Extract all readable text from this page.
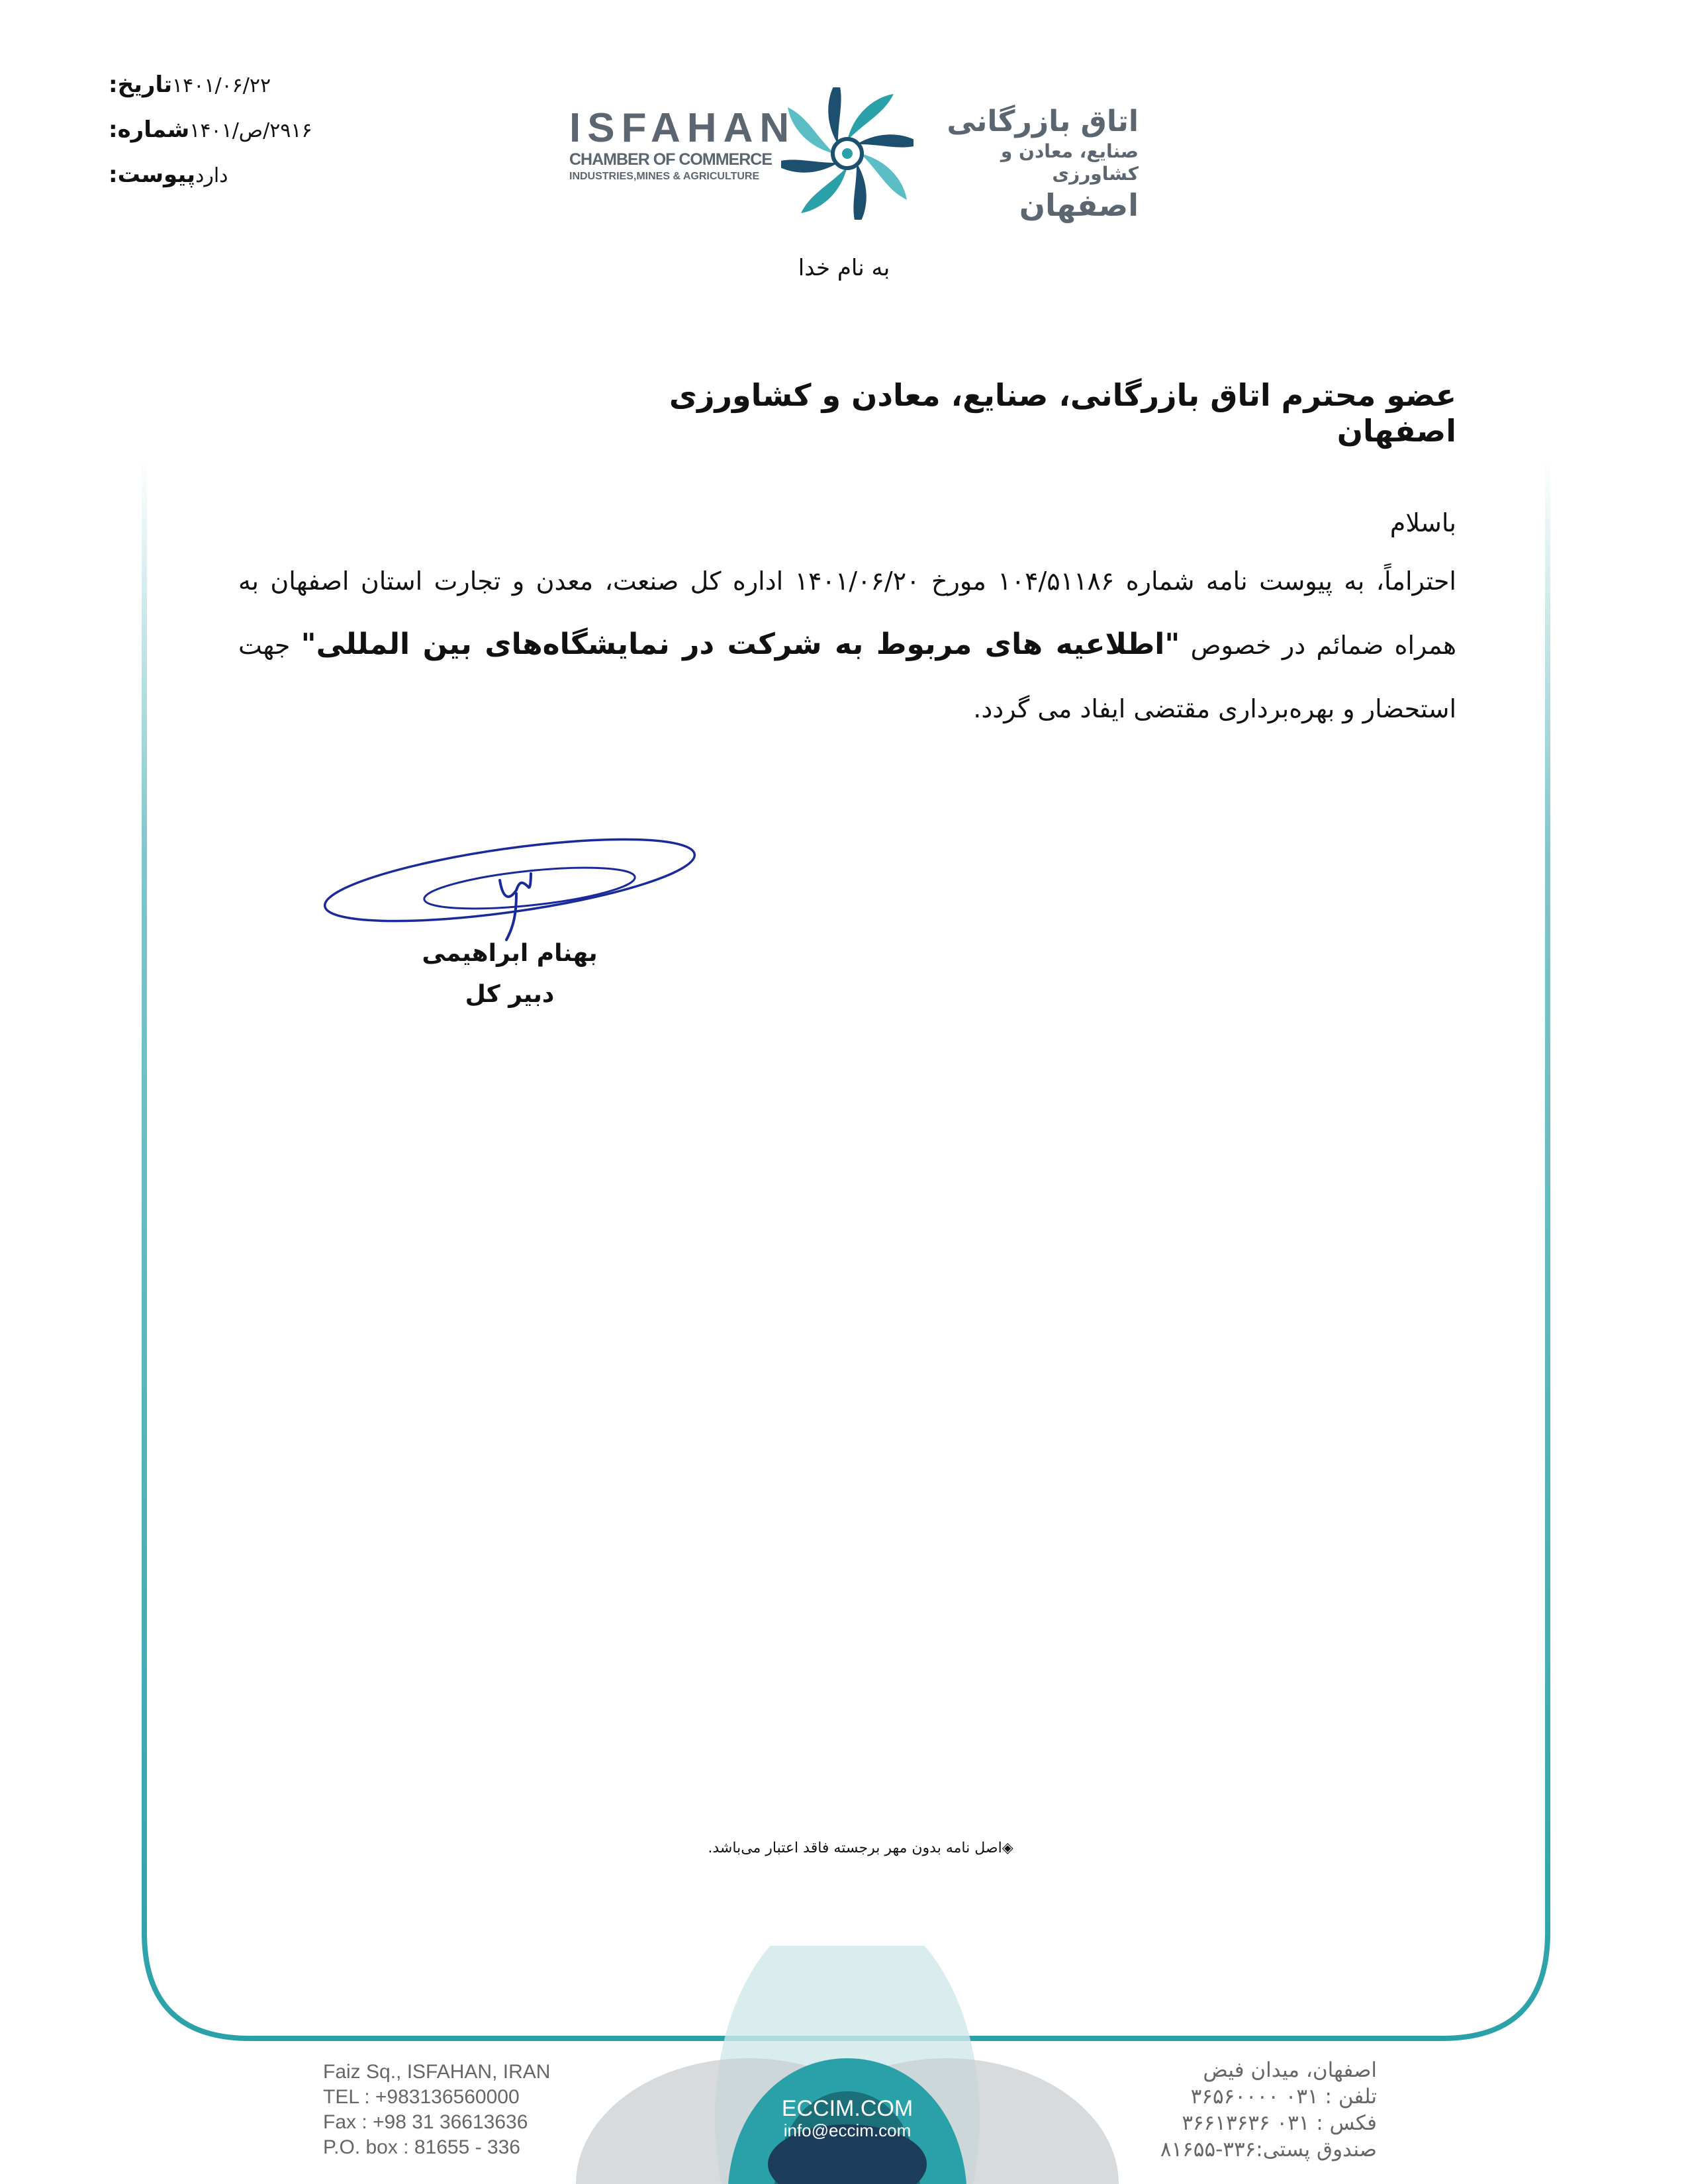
تاریخ: ۱۴۰۱/۰۶/۲۲
شماره: ۲۹۱۶/ص/۱۴۰۱
پیوست: دارد
ISFAHAN
CHAMBER OF COMMERCE
INDUSTRIES,MINES & AGRICULTURE
اتاق بازرگانی
صنایع، معادن و کشاورزی
اصفهان
به نام خدا
عضو محترم اتاق بازرگانی، صنایع، معادن و کشاورزی اصفهان
باسلام
احتراماً، به پیوست نامه شماره ۱۰۴/۵۱۱۸۶ مورخ ۱۴۰۱/۰۶/۲۰ اداره کل صنعت، معدن و تجارت استان اصفهان به همراه ضمائم در خصوص "اطلاعیه های مربوط به شرکت در نمایشگاه‌های بین المللی" جهت استحضار و بهره‌برداری مقتضی ایفاد می گردد.
بهنام ابراهیمی
دبیر کل
◈اصل نامه بدون مهر برجسته فاقد اعتبار می‌باشد.
ECCIM.COM
info@eccim.com
Faiz Sq., ISFAHAN, IRAN
TEL : +983136560000
Fax : +98 31 36613636
P.O. box : 81655 - 336
اصفهان، میدان فیض
تلفن : ۰۳۱ ۳۶۵۶۰۰۰۰
فکس : ۰۳۱ ۳۶۶۱۳۶۳۶
صندوق پستی:۳۳۶-۸۱۶۵۵
